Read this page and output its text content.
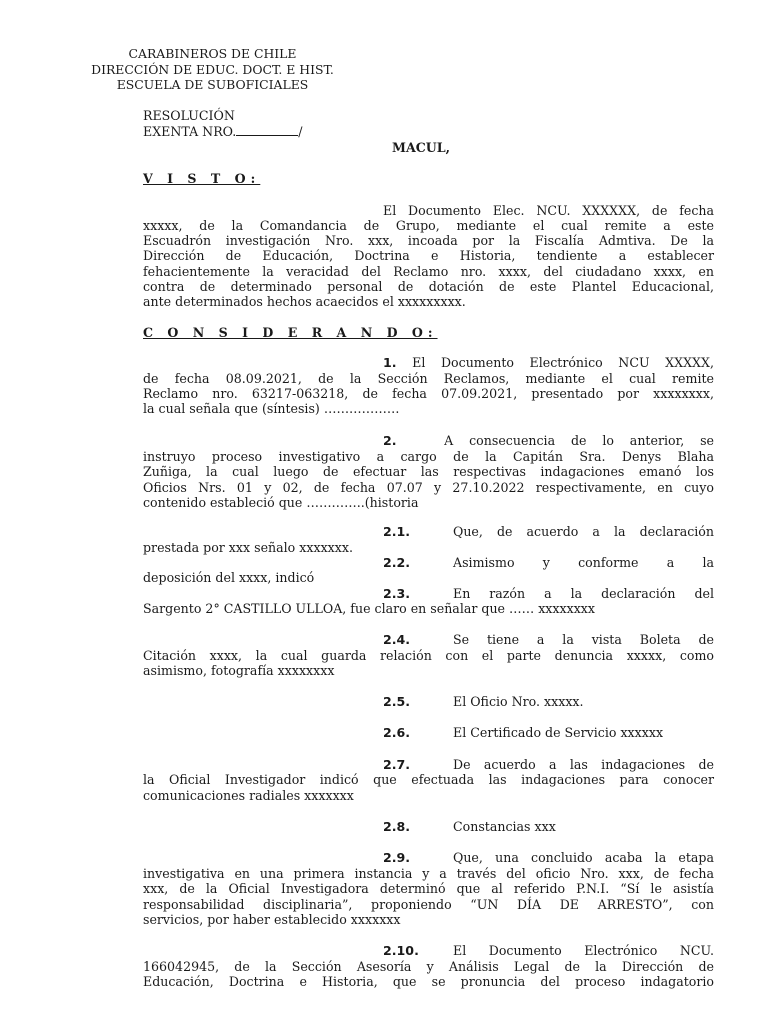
CARABINEROS DE CHILE
DIRECCIÓN DE EDUC. DOCT. E HIST.
ESCUELA DE SUBOFICIALES
RESOLUCIÓN
EXENTA NRO.	/
MACUL,
V I S T O:
El Documento Elec. NCU. XXXXXX, de fecha
xxxxx, de la Comandancia de Grupo, mediante el cual remite a este
Escuadrón investigación Nro. xxx, incoada por la Fiscalía Admtiva. De la
Dirección de Educación, Doctrina e Historia, tendiente a establecer
fehacientemente la veracidad del Reclamo nro. xxxx, del ciudadano xxxx, en
contra de determinado personal de dotación de este Plantel Educacional,
ante determinados hechos acaecidos el xxxxxxxxx.
C O N S I D E R A N D O:
1. El Documento Electrónico NCU XXXXX,
de fecha 08.09.2021, de la Sección Reclamos, mediante el cual remite
Reclamo nro. 63217-063218, de fecha 07.09.2021, presentado por xxxxxxxx,
la cual señala que (síntesis) ………………
2.	A consecuencia de lo anterior, se
instruyo proceso investigativo a cargo de la Capitán Sra. Denys Blaha
Zuñiga, la cual luego de efectuar las respectivas indagaciones emanó los
Oficios Nrs. 01 y 02, de fecha 07.07 y 27.10.2022 respectivamente, en cuyo
contenido estableció que …………..(historia
2.1.	Que, de acuerdo a la declaración
prestada por xxx señalo xxxxxxx.
2.2.	Asimismo y conforme a la
deposición del xxxx, indicó
2.3.	En razón a la declaración del
Sargento 2° CASTILLO ULLOA, fue claro en señalar que …… xxxxxxxx
2.4.	Se tiene a la vista Boleta de
Citación xxxx, la cual guarda relación con el parte denuncia xxxxx, como
asimismo, fotografía xxxxxxxx
2.5.	El Oficio Nro. xxxxx.
2.6.	El Certificado de Servicio xxxxxx
2.7.	De acuerdo a las indagaciones de
la Oficial Investigador indicó que efectuada las indagaciones para conocer
comunicaciones radiales xxxxxxx
2.8.	Constancias xxx
2.9.	Que, una concluido acaba la etapa
investigativa en una primera instancia y a través del oficio Nro. xxx, de fecha
xxx, de la Oficial Investigadora determinó que al referido P.N.I. “Sí le asistía
responsabilidad disciplinaria”, proponiendo “UN DÍA DE ARRESTO”, con
servicios, por haber establecido xxxxxxx
2.10.	El Documento Electrónico NCU.
166042945, de la Sección Asesoría y Análisis Legal de la Dirección de
Educación, Doctrina e Historia, que se pronuncia del proceso indagatorio
